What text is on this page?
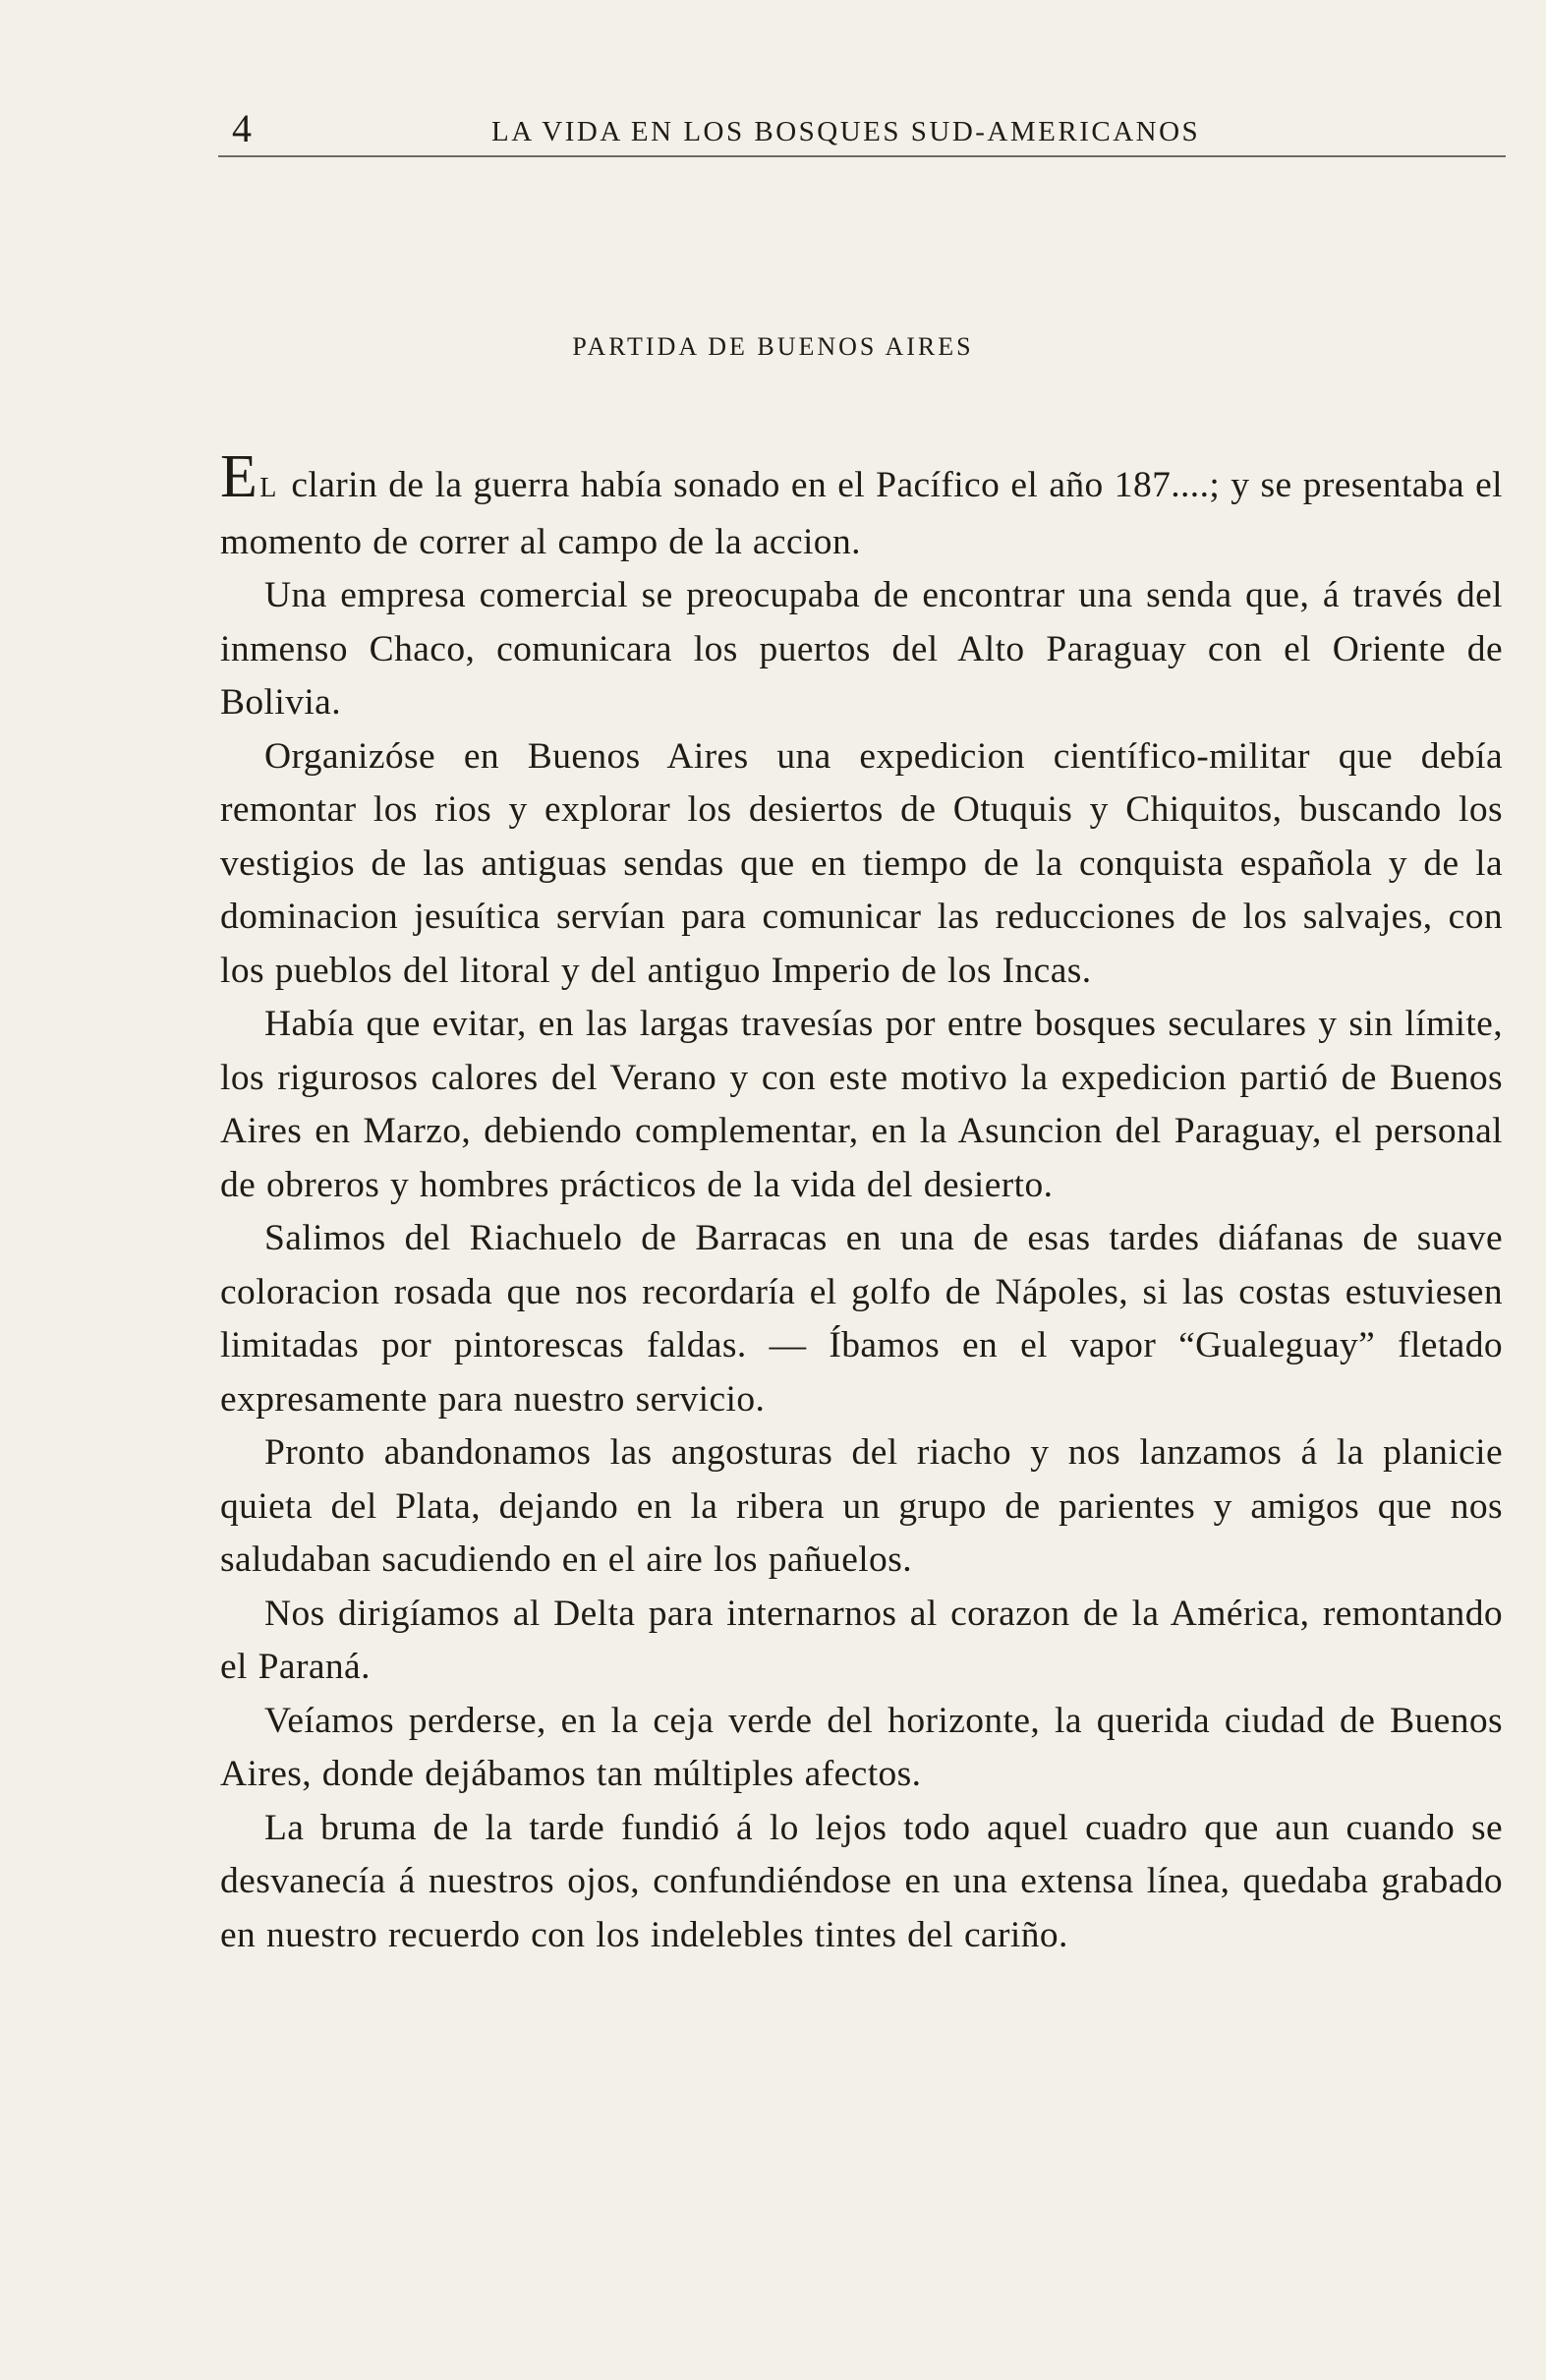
4	LA VIDA EN LOS BOSQUES SUD-AMERICANOS
PARTIDA DE BUENOS AIRES

EL clarin de la guerra había sonado en el Pacífico el año 187....; y se presentaba el momento de correr al campo de la accion.

Una empresa comercial se preocupaba de encontrar una senda que, á través del inmenso Chaco, comunicara los puertos del Alto Paraguay con el Oriente de Bolivia.

Organizóse en Buenos Aires una expedicion científico-militar que debía remontar los rios y explorar los desiertos de Otuquis y Chiquitos, buscando los vestigios de las antiguas sendas que en tiempo de la conquista española y de la dominacion jesuítica servían para comunicar las reducciones de los salvajes, con los pueblos del litoral y del antiguo Imperio de los Incas.

Había que evitar, en las largas travesías por entre bosques seculares y sin límite, los rigurosos calores del Verano y con este motivo la expedicion partió de Buenos Aires en Marzo, debiendo complementar, en la Asuncion del Paraguay, el personal de obreros y hombres prácticos de la vida del desierto.

Salimos del Riachuelo de Barracas en una de esas tardes diáfanas de suave coloracion rosada que nos recordaría el golfo de Nápoles, si las costas estuviesen limitadas por pintorescas faldas. — Íbamos en el vapor “Gualeguay” fletado expresamente para nuestro servicio.

Pronto abandonamos las angosturas del riacho y nos lanzamos á la planicie quieta del Plata, dejando en la ribera un grupo de parientes y amigos que nos saludaban sacudiendo en el aire los pañuelos.

Nos dirigíamos al Delta para internarnos al corazon de la América, remontando el Paraná.

Veíamos perderse, en la ceja verde del horizonte, la querida ciudad de Buenos Aires, donde dejábamos tan múltiples afectos.

La bruma de la tarde fundió á lo lejos todo aquel cuadro que aun cuando se desvanecía á nuestros ojos, confundiéndose en una extensa línea, quedaba grabado en nuestro recuerdo con los indelebles tintes del cariño.
